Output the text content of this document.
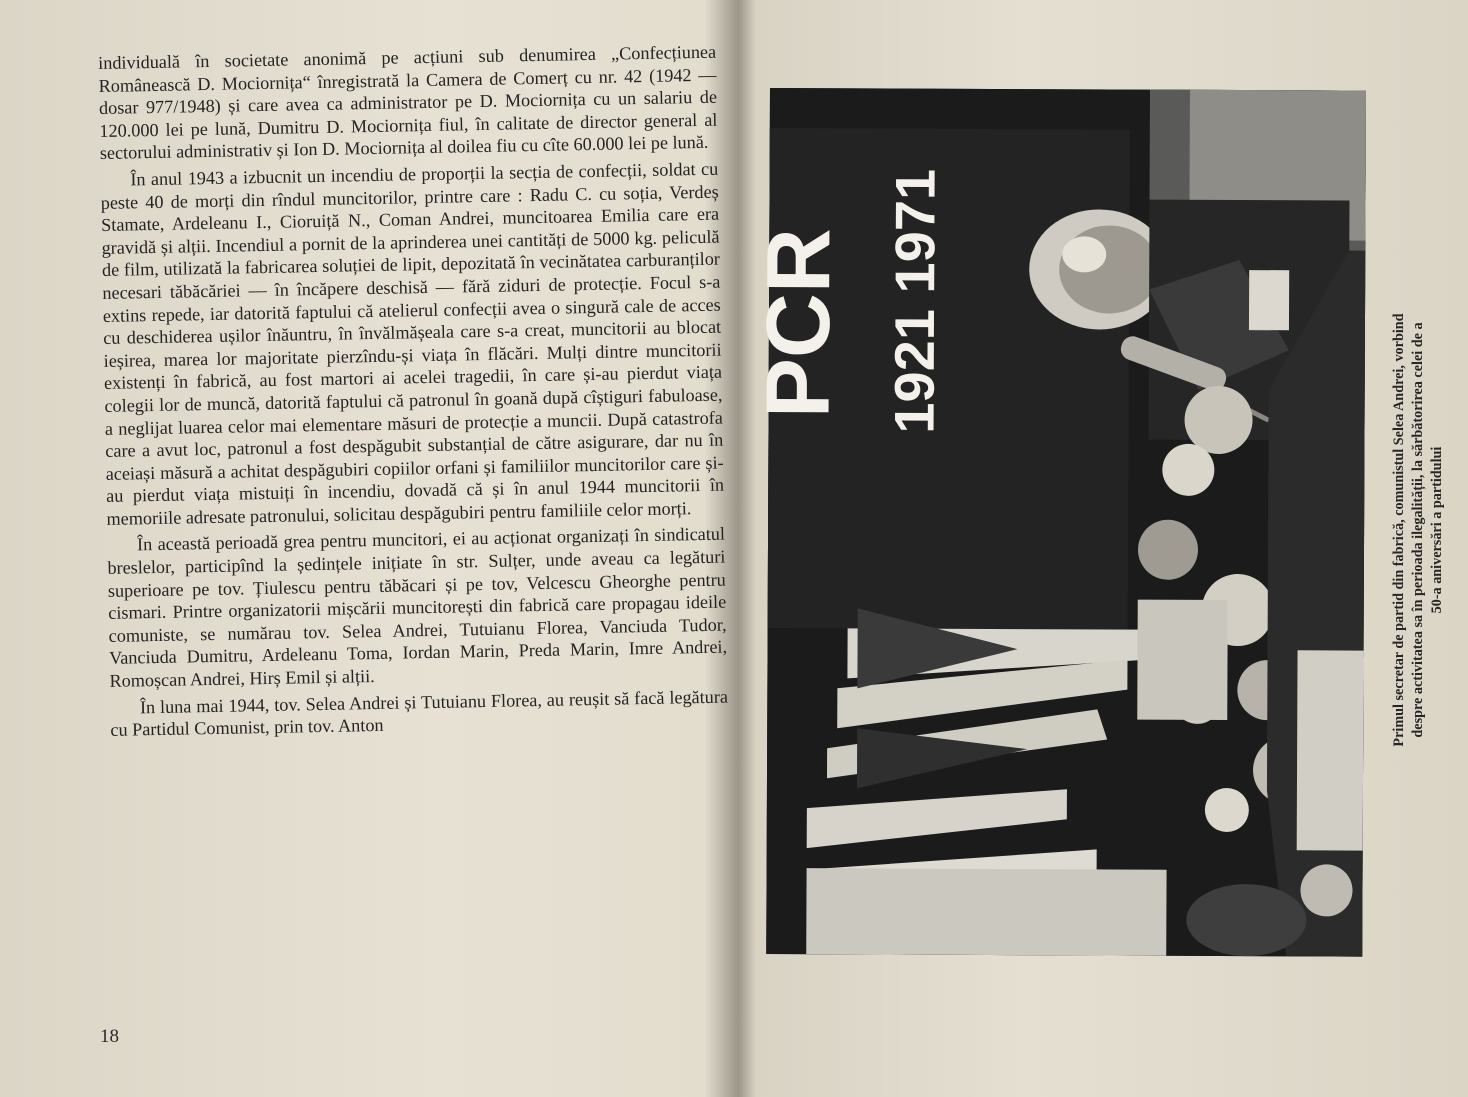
individuală în societate anonimă pe acțiuni sub denumirea „Confecțiunea Românească D. Mociornița“ înregistrată la Camera de Comerț cu nr. 42 (1942 — dosar 977/1948) și care avea ca administrator pe D. Mociornița cu un salariu de 120.000 lei pe lună, Dumitru D. Mociornița fiul, în calitate de director general al sectorului administrativ și Ion D. Mociornița al doilea fiu cu cîte 60.000 lei pe lună.

În anul 1943 a izbucnit un incendiu de proporții la secția de confecții, soldat cu peste 40 de morți din rîndul muncitorilor, printre care : Radu C. cu soția, Verdeș Stamate, Ardeleanu I., Cioruiță N., Coman Andrei, muncitoarea Emilia care era gravidă și alții. Incendiul a pornit de la aprinderea unei cantități de 5000 kg. peliculă de film, utilizată la fabricarea soluției de lipit, depozitată în vecinătatea carburanților necesari tăbăcăriei — în încăpere deschisă — fără ziduri de protecție. Focul s-a extins repede, iar datorită faptului că atelierul confecții avea o singură cale de acces cu deschiderea ușilor înăuntru, în învălmășeala care s-a creat, muncitorii au blocat ieșirea, marea lor majoritate pierzîndu-și viața în flăcări. Mulți dintre muncitorii existenți în fabrică, au fost martori ai acelei tragedii, în care și-au pierdut viața colegii lor de muncă, datorită faptului că patronul în goană după cîștiguri fabuloase, a neglijat luarea celor mai elementare măsuri de protecție a muncii. După catastrofa care a avut loc, patronul a fost despăgubit substanțial de către asigurare, dar nu în aceiași măsură a achitat despăgubiri copiilor orfani și familiilor muncitorilor care și-au pierdut viața mistuiți în incendiu, dovadă că și în anul 1944 muncitorii în memoriile adresate patronului, solicitau despăgubiri pentru familiile celor morți.

În această perioadă grea pentru muncitori, ei au acționat organizați în sindicatul breslelor, participînd la ședințele inițiate în str. Sulțer, unde aveau ca legături superioare pe tov. Țiulescu pentru tăbăcari și pe tov, Velcescu Gheorghe pentru cismari. Printre organizatorii mișcării muncitorești din fabrică care propagau ideile comuniste, se numărau tov. Selea Andrei, Tutuianu Florea, Vanciuda Tudor, Vanciuda Dumitru, Ardeleanu Toma, Iordan Marin, Preda Marin, Imre Andrei, Romoșcan Andrei, Hirș Emil și alții.

În luna mai 1944, tov. Selea Andrei și Tutuianu Florea, au reușit să facă legătura cu Partidul Comunist, prin tov. Anton

18
PCR 1921 1971
Primul secretar de partid din fabrică, comunistul Selea Andrei, vorbind despre activitatea sa în perioada ilegalității, la sărbătorirea celei de a 50-a aniversări a partidului
